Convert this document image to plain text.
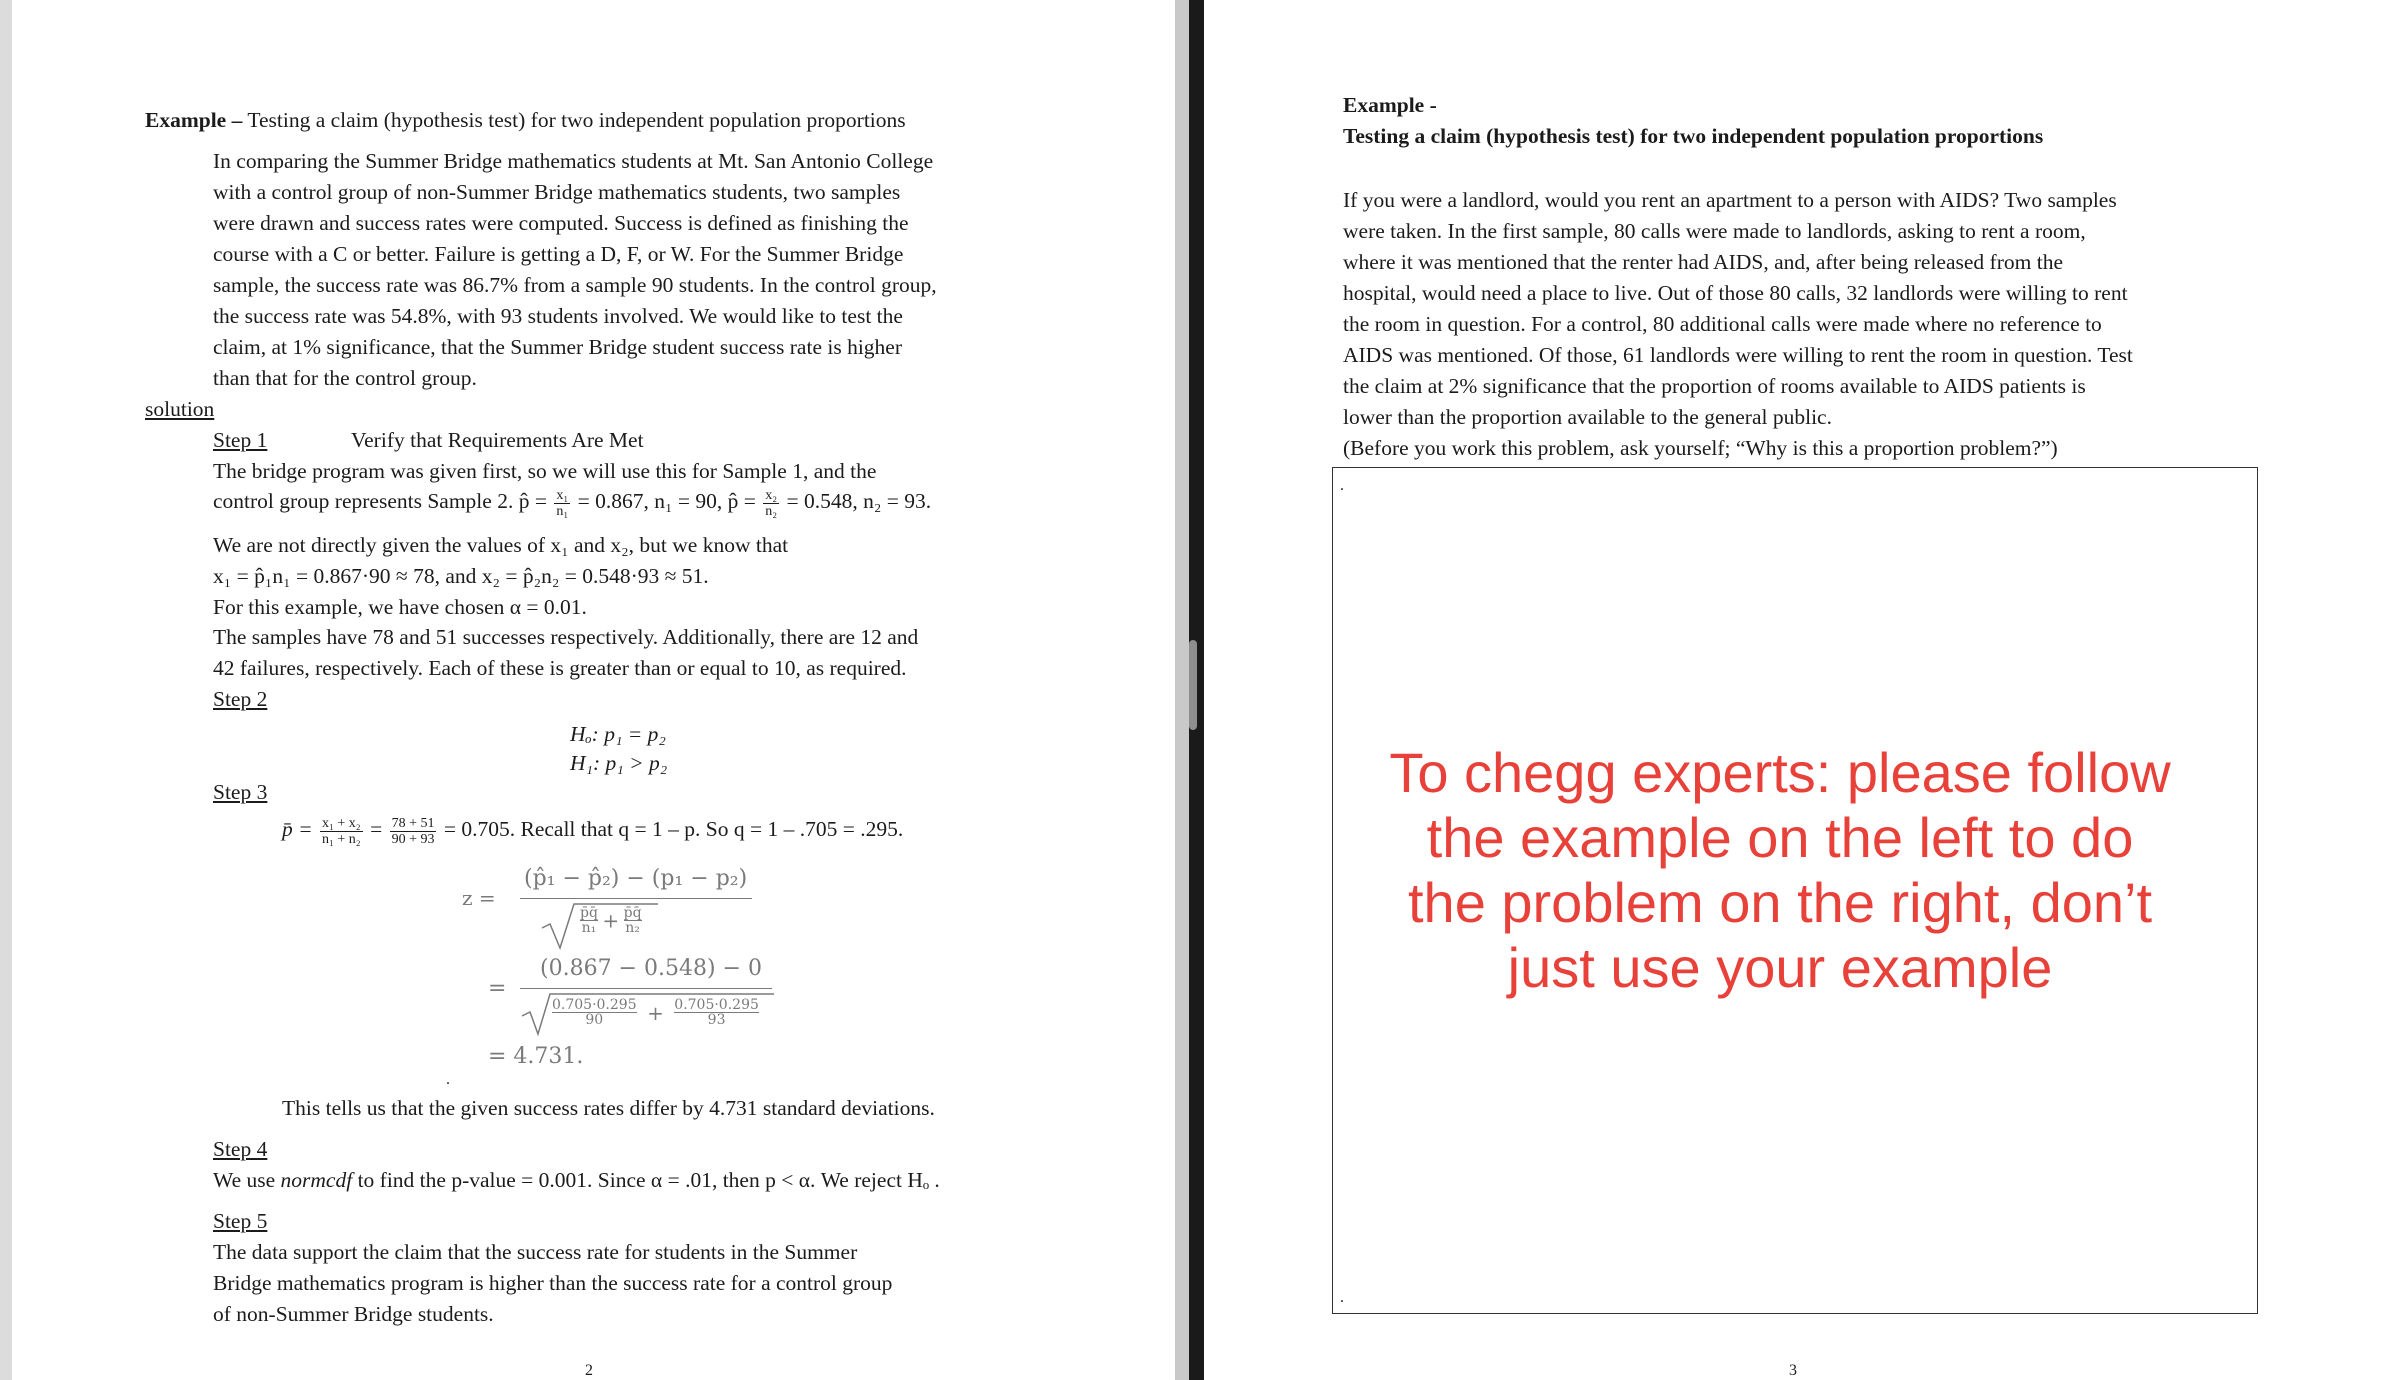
Example – Testing a claim (hypothesis test) for two independent population proportions
In comparing the Summer Bridge mathematics students at Mt. San Antonio College
with a control group of non-Summer Bridge mathematics students, two samples
were drawn and success rates were computed. Success is defined as finishing the
course with a C or better. Failure is getting a D, F, or W. For the Summer Bridge
sample, the success rate was 86.7% from a sample 90 students. In the control group,
the success rate was 54.8%, with 93 students involved. We would like to test the
claim, at 1% significance, that the Summer Bridge student success rate is higher
than that for the control group.
solution
Step 1	Verify that Requirements Are Met
The bridge program was given first, so we will use this for Sample 1, and the
control group represents Sample 2. p̂ = $\frac{\text{x₁}}{\text{n₁}} = 0.867$, n₁ = 90, p̂ = $\frac{\text{x₂}}{\text{n₂}} = 0.548$, n₂ = 93.
We are not directly given the values of x₁ and x₂, but we know that
x₁ = p̂₁n₁ = 0.867·90 ≈ 78, and x₂ = p̂₂n₂ = 0.548·93 ≈ 51.
For this example, we have chosen α = 0.01.
The samples have 78 and 51 successes respectively. Additionally, there are 12 and
42 failures, respectively. Each of these is greater than or equal to 10, as required.
Step 2
Hₒ: p₁ = p₂
H₁: p₁ > p₂
Step 3
p̄ = $\frac{\text{x₁ + x₂}}{\text{n₁ + n₂}} = \frac{78 + 51}{90 + 93} = 0.705$. Recall that q = 1 – p. So q = 1 – .705 = .295.
z =
(p̂₁ − p̂₂) − (p₁ − p₂)
$\frac{p̄q̄}{\text{n₁}} + \frac{p̄q̄}{\text{n₂}}$
=
(0.867 − 0.548) − 0
$\frac{0.705\cdot 0.295}{90} + \frac{0.705\cdot 0.295}{93}$
= 4.731.
.
This tells us that the given success rates differ by 4.731 standard deviations.
Step 4
We use normcdf to find the p-value = 0.001. Since α = .01, then p < α. We reject Hₒ .
Step 5
The data support the claim that the success rate for students in the Summer
Bridge mathematics program is higher than the success rate for a control group
of non-Summer Bridge students.
2
Example -
Testing a claim (hypothesis test) for two independent population proportions
If you were a landlord, would you rent an apartment to a person with AIDS? Two samples
were taken. In the first sample, 80 calls were made to landlords, asking to rent a room,
where it was mentioned that the renter had AIDS, and, after being released from the
hospital, would need a place to live. Out of those 80 calls, 32 landlords were willing to rent
the room in question. For a control, 80 additional calls were made where no reference to
AIDS was mentioned. Of those, 61 landlords were willing to rent the room in question. Test
the claim at 2% significance that the proportion of rooms available to AIDS patients is
lower than the proportion available to the general public.
(Before you work this problem, ask yourself; “Why is this a proportion problem?”)
3
.
.
To chegg experts: please follow the example on the left to do the problem on the right, don’t just use your example
